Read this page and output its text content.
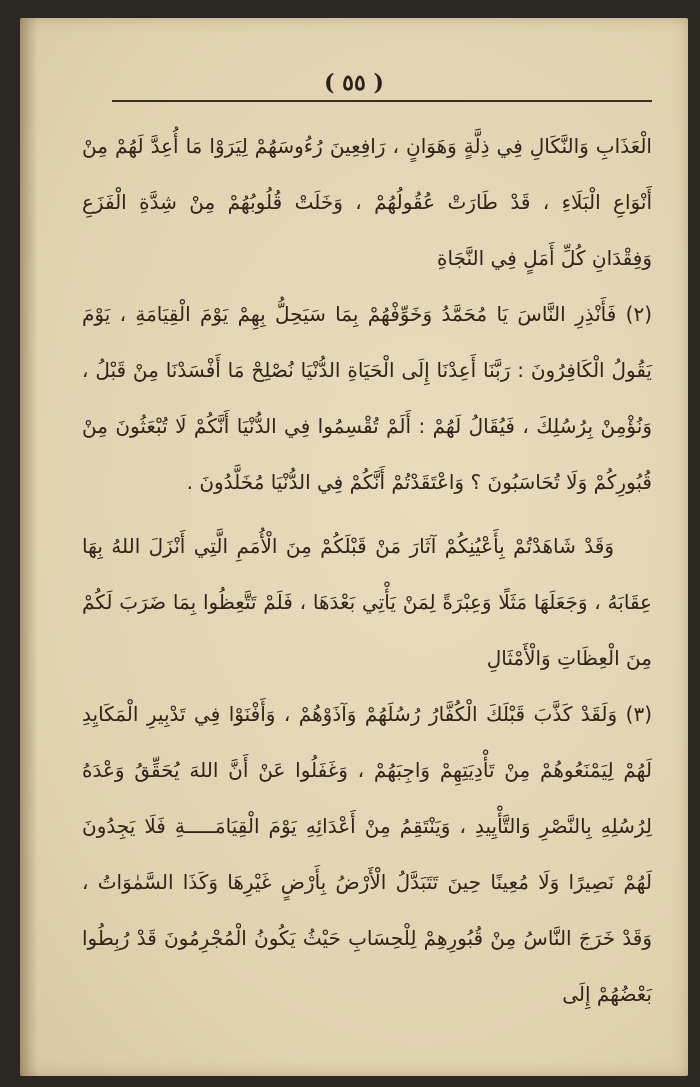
( ٥٥ )

الْعَذَابِ وَالنَّكَالِ فِي ذِلَّةٍ وَهَوَانٍ ، رَافِعِينَ رُءُوسَهُمْ لِيَرَوْا مَا أُعِدَّ لَهُمْ مِنْ أَنْوَاعِ الْبَلَاءِ ، قَدْ طَارَتْ عُقُولُهُمْ ، وَخَلَتْ قُلُوبُهُمْ مِنْ شِدَّةِ الْفَزَعِ وَفِقْدَانِ كُلِّ أَمَلٍ فِي النَّجَاةِ

(٢) فَأَنْذِرِ النَّاسَ يَا مُحَمَّدُ وَخَوِّفْهُمْ بِمَا سَيَحِلُّ بِهِمْ يَوْمَ الْقِيَامَةِ ، يَوْمَ يَقُولُ الْكَافِرُونَ : رَبَّنَا أَعِدْنَا إِلَى الْحَيَاةِ الدُّنْيَا نُصْلِحْ مَا أَفْسَدْنَا مِنْ قَبْلُ ، وَنُؤْمِنْ بِرُسُلِكَ ، فَيُقَالُ لَهُمْ : أَلَمْ تُقْسِمُوا فِي الدُّنْيَا أَنَّكُمْ لَا تُبْعَثُونَ مِنْ قُبُورِكُمْ وَلَا تُحَاسَبُونَ ؟ وَاعْتَقَدْتُمْ أَنَّكُمْ فِي الدُّنْيَا مُخَلَّدُونَ .

وَقَدْ شَاهَدْتُمْ بِأَعْيُنِكُمْ آثَارَ مَنْ قَبْلَكُمْ مِنَ الْأُمَمِ الَّتِي أَنْزَلَ اللهُ بِهَا عِقَابَهُ ، وَجَعَلَهَا مَثَلًا وَعِبْرَةً لِمَنْ يَأْتِي بَعْدَهَا ، فَلَمْ تَتَّعِظُوا بِمَا ضَرَبَ لَكُمْ مِنَ الْعِظَاتِ وَالْأَمْثَالِ

(٣) وَلَقَدْ كَذَّبَ قَبْلَكَ الْكُفَّارُ رُسُلَهُمْ وَآذَوْهُمْ ، وَأَفْنَوْا فِي تَدْبِيرِ الْمَكَايِدِ لَهُمْ لِيَمْنَعُوهُمْ مِنْ تَأْدِيَتِهِمْ وَاجِبَهُمْ ، وَغَفَلُوا عَنْ أَنَّ اللهَ يُحَقِّقُ وَعْدَهُ لِرُسُلِهِ بِالنَّصْرِ وَالتَّأْيِيدِ ، وَيَنْتَقِمُ مِنْ أَعْدَائِهِ يَوْمَ الْقِيَامَـــــةِ فَلَا يَجِدُونَ لَهُمْ نَصِيرًا وَلَا مُعِينًا حِينَ تَتَبَدَّلُ الْأَرْضُ بِأَرْضٍ غَيْرِهَا وَكَذَا السَّمٰوَاتُ ، وَقَدْ خَرَجَ النَّاسُ مِنْ قُبُورِهِمْ لِلْحِسَابِ حَيْثُ يَكُونُ الْمُجْرِمُونَ قَدْ رُبِطُوا بَعْضُهُمْ إِلَى
